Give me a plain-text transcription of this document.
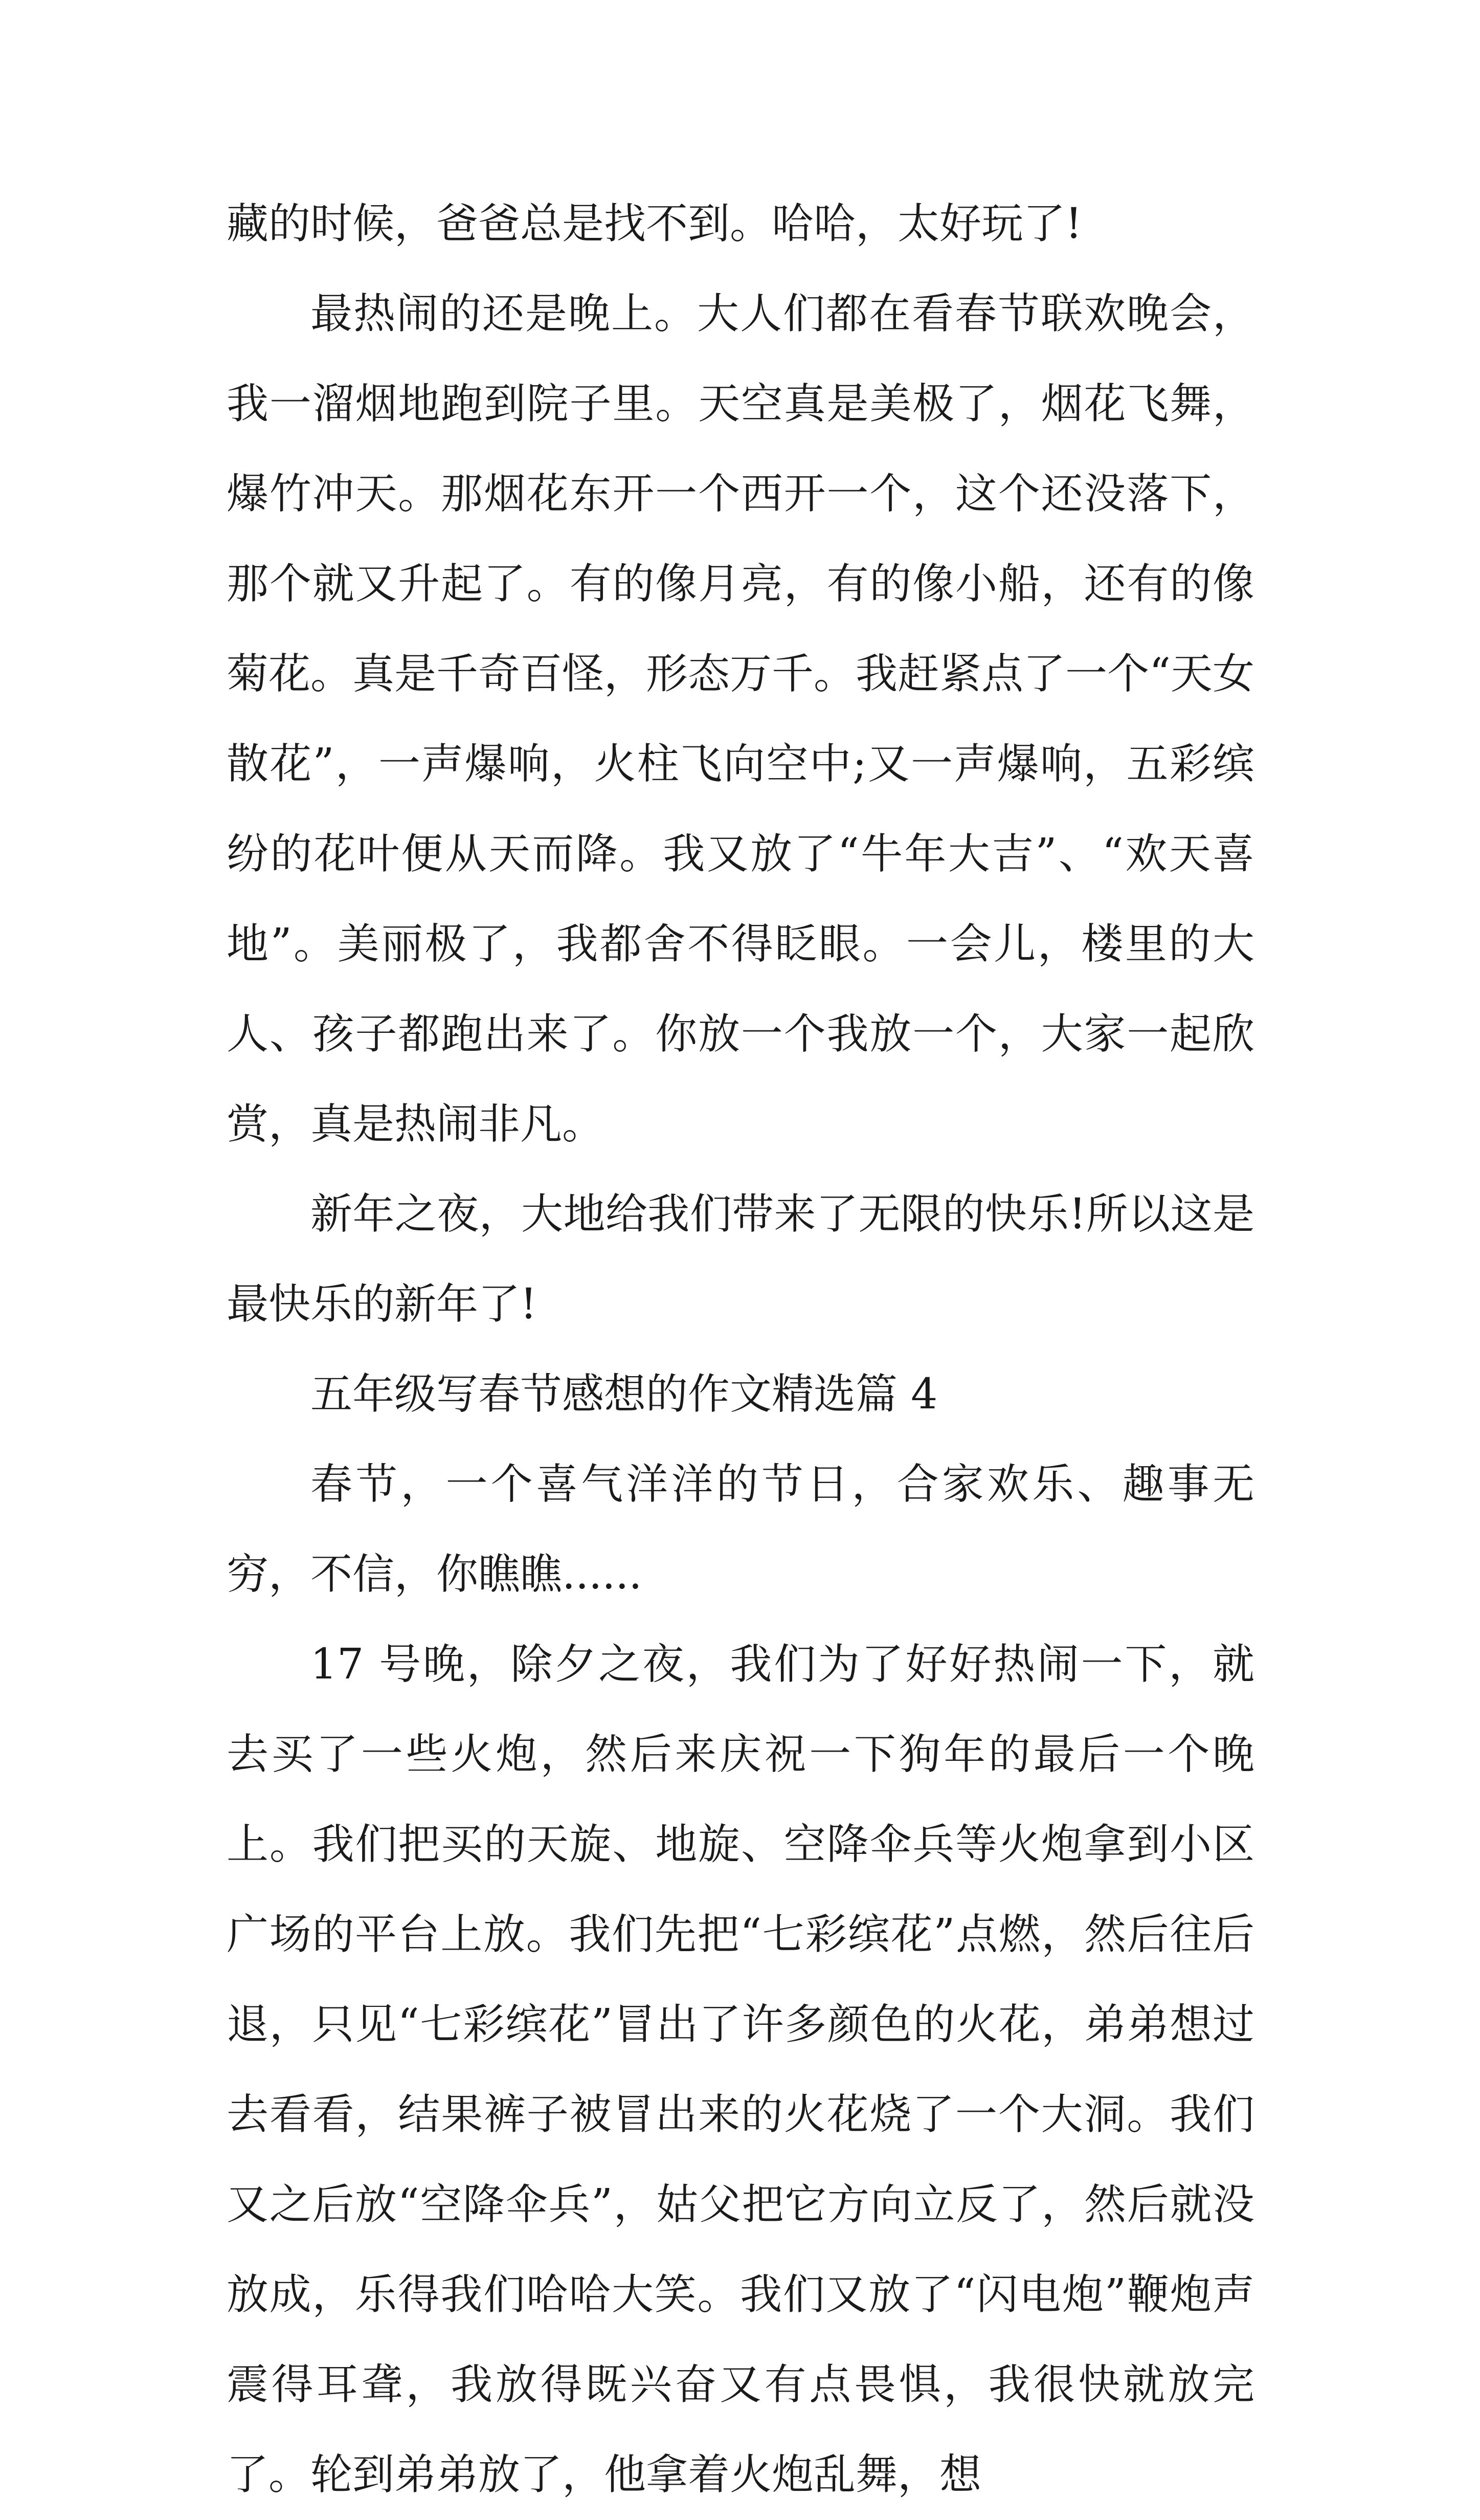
藏的时候，爸爸总是找不到。哈哈，太好玩了!

最热闹的还是晚上。大人们都在看春节联欢晚会，我一溜烟地跑到院子里。天空真是美极了，烟花飞舞，爆竹冲天。那烟花东开一个西开一个，这个还没落下，那个就又升起了。有的像月亮，有的像小船，还有的像菊花。真是千奇百怪，形态万千。我赶紧点了一个“天女散花”，一声爆响，火柱飞向空中;又一声爆响，五彩缤纷的花叶便从天而降。我又放了“牛年大吉”、“欢天喜地”。美丽极了，我都舍不得眨眼。一会儿，楼里的大人、孩子都跑出来了。你放一个我放一个，大家一起欣赏，真是热闹非凡。

新年之夜，大地给我们带来了无限的快乐!所以这是最快乐的新年了!

五年级写春节感想的作文精选篇 4

春节，一个喜气洋洋的节日，合家欢乐、趣事无穷，不信，你瞧瞧......

17 号晚，除夕之夜，我们为了好好热闹一下，就去买了一些火炮，然后来庆祝一下狗年的最后一个晚上。我们把买的天旋、地旋、空降伞兵等火炮拿到小区广场的平台上放。我们先把“七彩缤花”点燃，然后往后退，只见“七彩缤花”冒出了许多颜色的火花，弟弟想过去看看，结果裤子被冒出来的火花烧了一个大洞。我们又之后放“空降伞兵”，姑父把它方向立反了，然后就没放成，乐得我们哈哈大笑。我们又放了“闪电炮”鞭炮声震得耳聋，我放得既兴奋又有点畏惧，我很快就放完了。轮到弟弟放了，他拿着火炮乱舞，想
